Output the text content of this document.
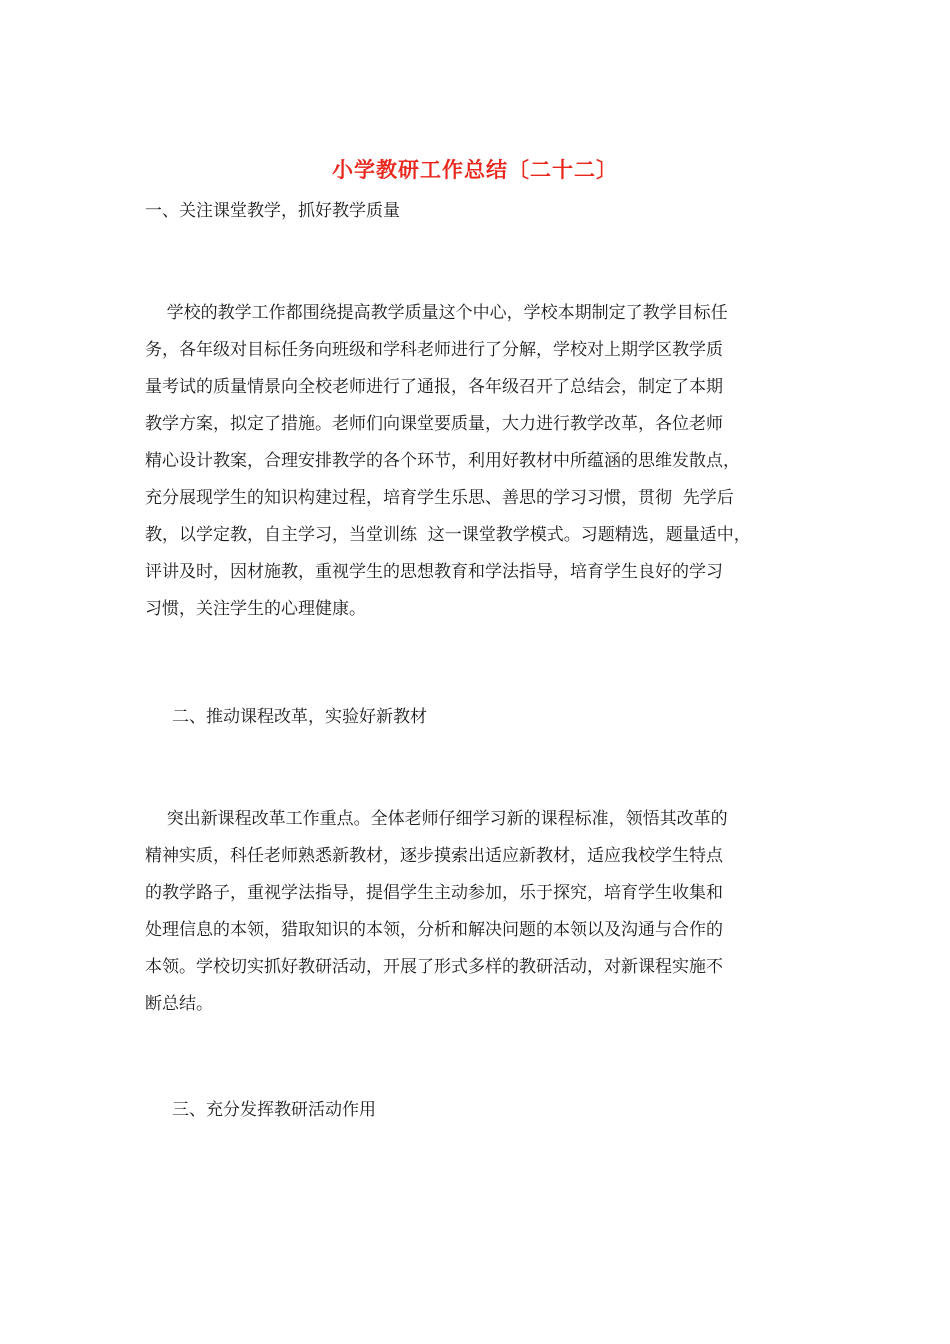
小学教研工作总结〔二十二〕
一、关注课堂教学，抓好教学质量
学校的教学工作都围绕提高教学质量这个中心，学校本期制定了教学目标任
务，各年级对目标任务向班级和学科老师进行了分解，学校对上期学区教学质
量考试的质量情景向全校老师进行了通报，各年级召开了总结会，制定了本期
教学方案，拟定了措施。老师们向课堂要质量，大力进行教学改革，各位老师
精心设计教案，合理安排教学的各个环节，利用好教材中所蕴涵的思维发散点，
充分展现学生的知识构建过程，培育学生乐思、善思的学习习惯，贯彻  先学后
教，以学定教，自主学习，当堂训练  这一课堂教学模式。习题精选，题量适中，
评讲及时，因材施教，重视学生的思想教育和学法指导，培育学生良好的学习
习惯，关注学生的心理健康。
二、推动课程改革，实验好新教材
突出新课程改革工作重点。全体老师仔细学习新的课程标准，领悟其改革的
精神实质，科任老师熟悉新教材，逐步摸索出适应新教材，适应我校学生特点
的教学路子，重视学法指导，提倡学生主动参加，乐于探究，培育学生收集和
处理信息的本领，猎取知识的本领，分析和解决问题的本领以及沟通与合作的
本领。学校切实抓好教研活动，开展了形式多样的教研活动，对新课程实施不
断总结。
三、充分发挥教研活动作用
